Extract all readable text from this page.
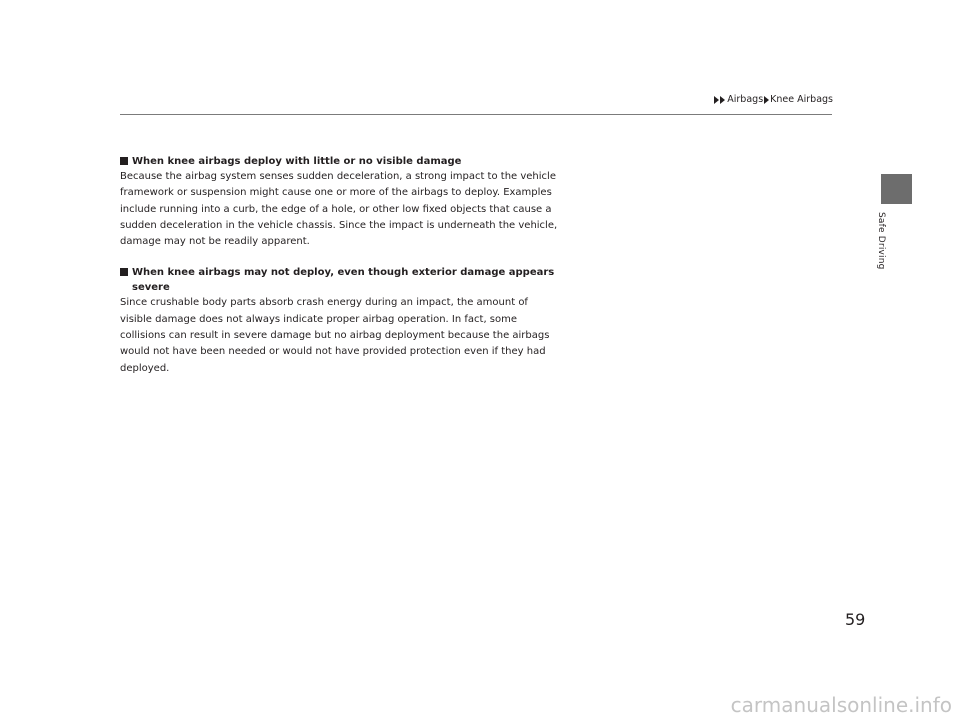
Airbags Knee Airbags
Safe Driving
When knee airbags deploy with little or no visible damage

Because the airbag system senses sudden deceleration, a strong impact to the vehicle framework or suspension might cause one or more of the airbags to deploy. Examples include running into a curb, the edge of a hole, or other low fixed objects that cause a sudden deceleration in the vehicle chassis. Since the impact is underneath the vehicle, damage may not be readily apparent.

When knee airbags may not deploy, even though exterior damage appears severe

Since crushable body parts absorb crash energy during an impact, the amount of visible damage does not always indicate proper airbag operation. In fact, some collisions can result in severe damage but no airbag deployment because the airbags would not have been needed or would not have provided protection even if they had deployed.

59
carmanualsonline.info
